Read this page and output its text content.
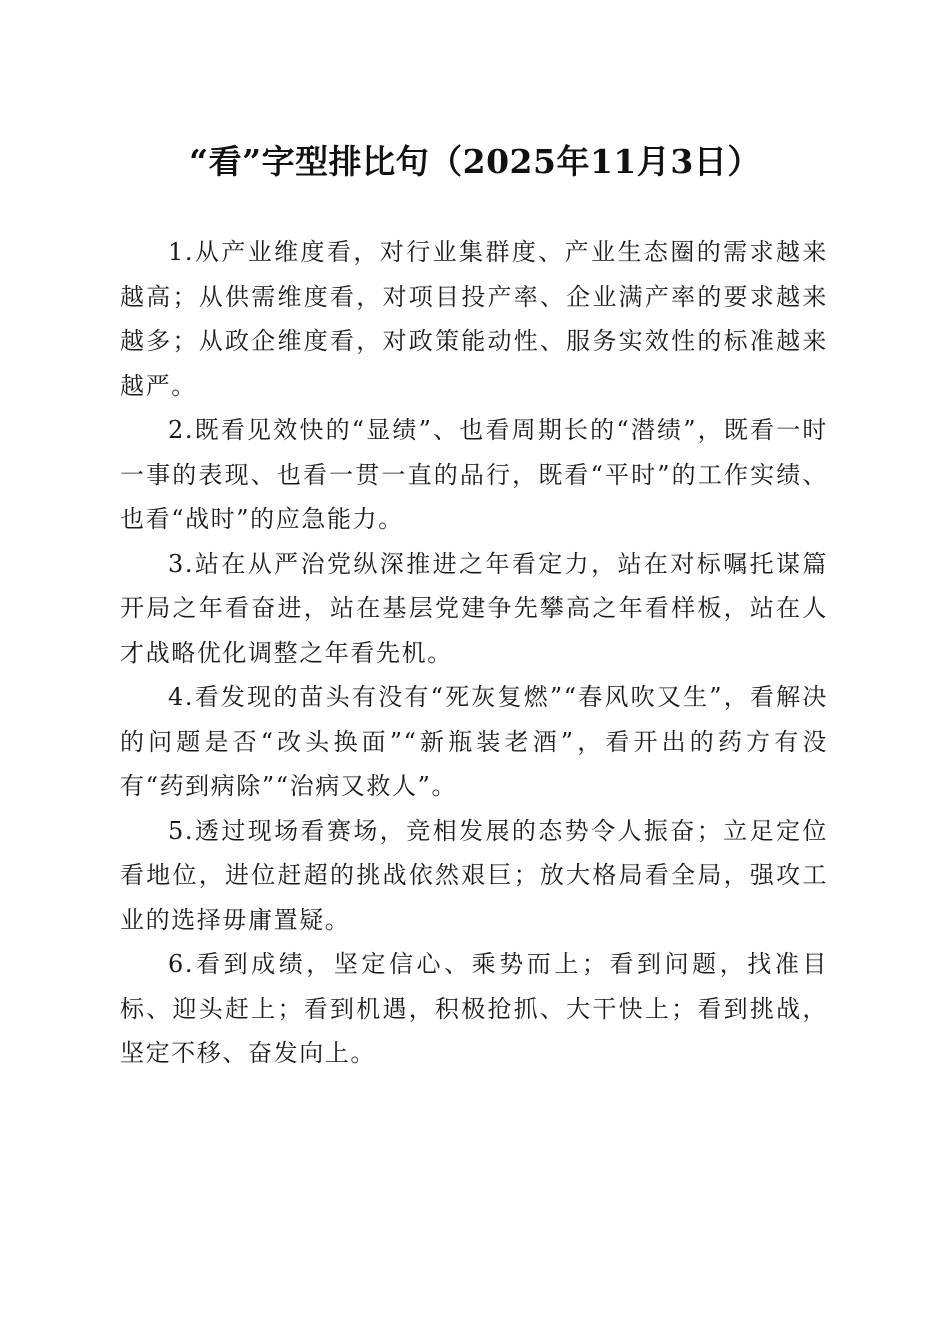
“看”字型排比句（2025年11月3日）

1.从产业维度看，对行业集群度、产业生态圈的需求越来越高；从供需维度看，对项目投产率、企业满产率的要求越来越多；从政企维度看，对政策能动性、服务实效性的标准越来越严。

2.既看见效快的“显绩”、也看周期长的“潜绩”，既看一时一事的表现、也看一贯一直的品行，既看“平时”的工作实绩、也看“战时”的应急能力。

3.站在从严治党纵深推进之年看定力，站在对标嘱托谋篇开局之年看奋进，站在基层党建争先攀高之年看样板，站在人才战略优化调整之年看先机。

4.看发现的苗头有没有“死灰复燃”“春风吹又生”，看解决的问题是否“改头换面”“新瓶装老酒”，看开出的药方有没有“药到病除”“治病又救人”。

5.透过现场看赛场，竞相发展的态势令人振奋；立足定位看地位，进位赶超的挑战依然艰巨；放大格局看全局，强攻工业的选择毋庸置疑。

6.看到成绩，坚定信心、乘势而上；看到问题，找准目标、迎头赶上；看到机遇，积极抢抓、大干快上；看到挑战，坚定不移、奋发向上。
